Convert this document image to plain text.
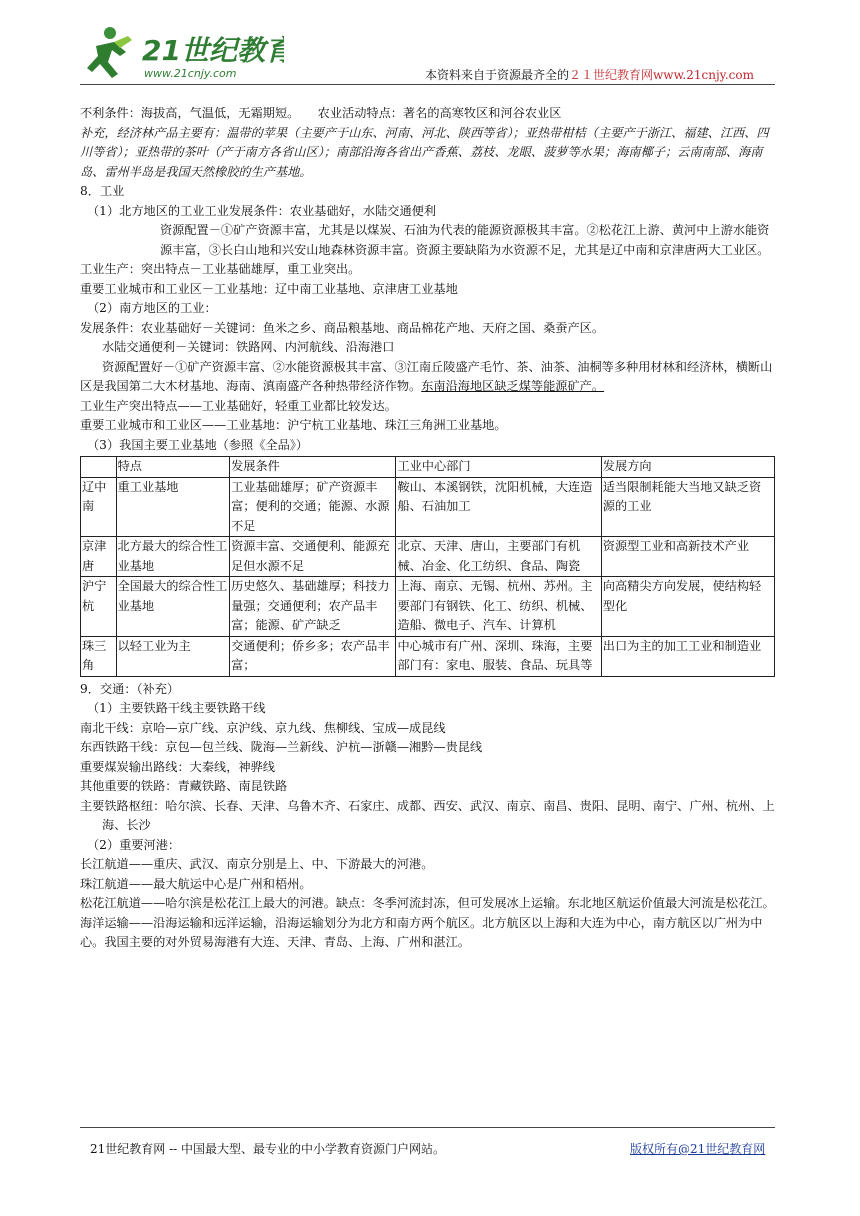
21世纪教育
www.21cnjy.com	本资料来自于资源最齐全的２１世纪教育网www.21cnjy.com

不利条件：海拔高，气温低，无霜期短。　　农业活动特点：著名的高寒牧区和河谷农业区

补充，经济林产品主要有：温带的苹果（主要产于山东、河南、河北、陕西等省）；亚热带柑桔（主要产于浙江、福建、江西、四川等省）；亚热带的茶叶（产于南方各省山区）；南部沿海各省出产香蕉、荔枝、龙眼、菠萝等水果；海南椰子；云南南部、海南岛、雷州半岛是我国天然橡胶的生产基地。

8．工业

（1）北方地区的工业工业发展条件：农业基础好，水陆交通便利

资源配置－①矿产资源丰富，尤其是以煤炭、石油为代表的能源资源极其丰富。②松花江上游、黄河中上游水能资源丰富，③长白山地和兴安山地森林资源丰富。资源主要缺陷为水资源不足，尤其是辽中南和京津唐两大工业区。

工业生产：突出特点－工业基础雄厚，重工业突出。

重要工业城市和工业区－工业基地：辽中南工业基地、京津唐工业基地

（2）南方地区的工业：

发展条件：农业基础好－关键词：鱼米之乡、商品粮基地、商品棉花产地、天府之国、桑蚕产区。

水陆交通便利－关键词：铁路网、内河航线、沿海港口

资源配置好－①矿产资源丰富、②水能资源极其丰富、③江南丘陵盛产毛竹、茶、油茶、油桐等多种用材林和经济林，横断山区是我国第二大木材基地、海南、滇南盛产各种热带经济作物。东南沿海地区缺乏煤等能源矿产。

工业生产突出特点——工业基础好，轻重工业都比较发达。

重要工业城市和工业区——工业基地：沪宁杭工业基地、珠江三角洲工业基地。

（3）我国主要工业基地（参照《全品》）

	特点	发展条件	工业中心部门	发展方向
辽中南	重工业基地	工业基础雄厚；矿产资源丰富；便利的交通；能源、水源不足	鞍山、本溪钢铁，沈阳机械，大连造船、石油加工	适当限制耗能大当地又缺乏资源的工业
京津唐	北方最大的综合性工业基地	资源丰富、交通便利、能源充足但水源不足	北京、天津、唐山，主要部门有机械、冶金、化工纺织、食品、陶瓷	资源型工业和高新技术产业
沪宁杭	全国最大的综合性工业基地	历史悠久、基础雄厚；科技力量强；交通便利；农产品丰富；能源、矿产缺乏	上海、南京、无锡、杭州、苏州。主要部门有钢铁、化工、纺织、机械、造船、微电子、汽车、计算机	向高精尖方向发展，使结构轻型化
珠三角	以轻工业为主	交通便利；侨乡多；农产品丰富；	中心城市有广州、深圳、珠海，主要部门有：家电、服装、食品、玩具等	出口为主的加工工业和制造业

9．交通：（补充）

（1）主要铁路干线主要铁路干线

南北干线：京哈—京广线、京沪线、京九线、焦柳线、宝成—成昆线

东西铁路干线：京包—包兰线、陇海—兰新线、沪杭—浙赣—湘黔—贵昆线

重要煤炭输出路线：大秦线，神骅线

其他重要的铁路：青藏铁路、南昆铁路

主要铁路枢纽：哈尔滨、长春、天津、乌鲁木齐、石家庄、成都、西安、武汉、南京、南昌、贵阳、昆明、南宁、广州、杭州、上海、长沙

（2）重要河港：

长江航道——重庆、武汉、南京分别是上、中、下游最大的河港。

珠江航道——最大航运中心是广州和梧州。

松花江航道——哈尔滨是松花江上最大的河港。缺点：冬季河流封冻，但可发展冰上运输。东北地区航运价值最大河流是松花江。

海洋运输——沿海运输和远洋运输，沿海运输划分为北方和南方两个航区。北方航区以上海和大连为中心，南方航区以广州为中心。我国主要的对外贸易海港有大连、天津、青岛、上海、广州和湛江。

21世纪教育网 -- 中国最大型、最专业的中小学教育资源门户网站。	版权所有@21世纪教育网
